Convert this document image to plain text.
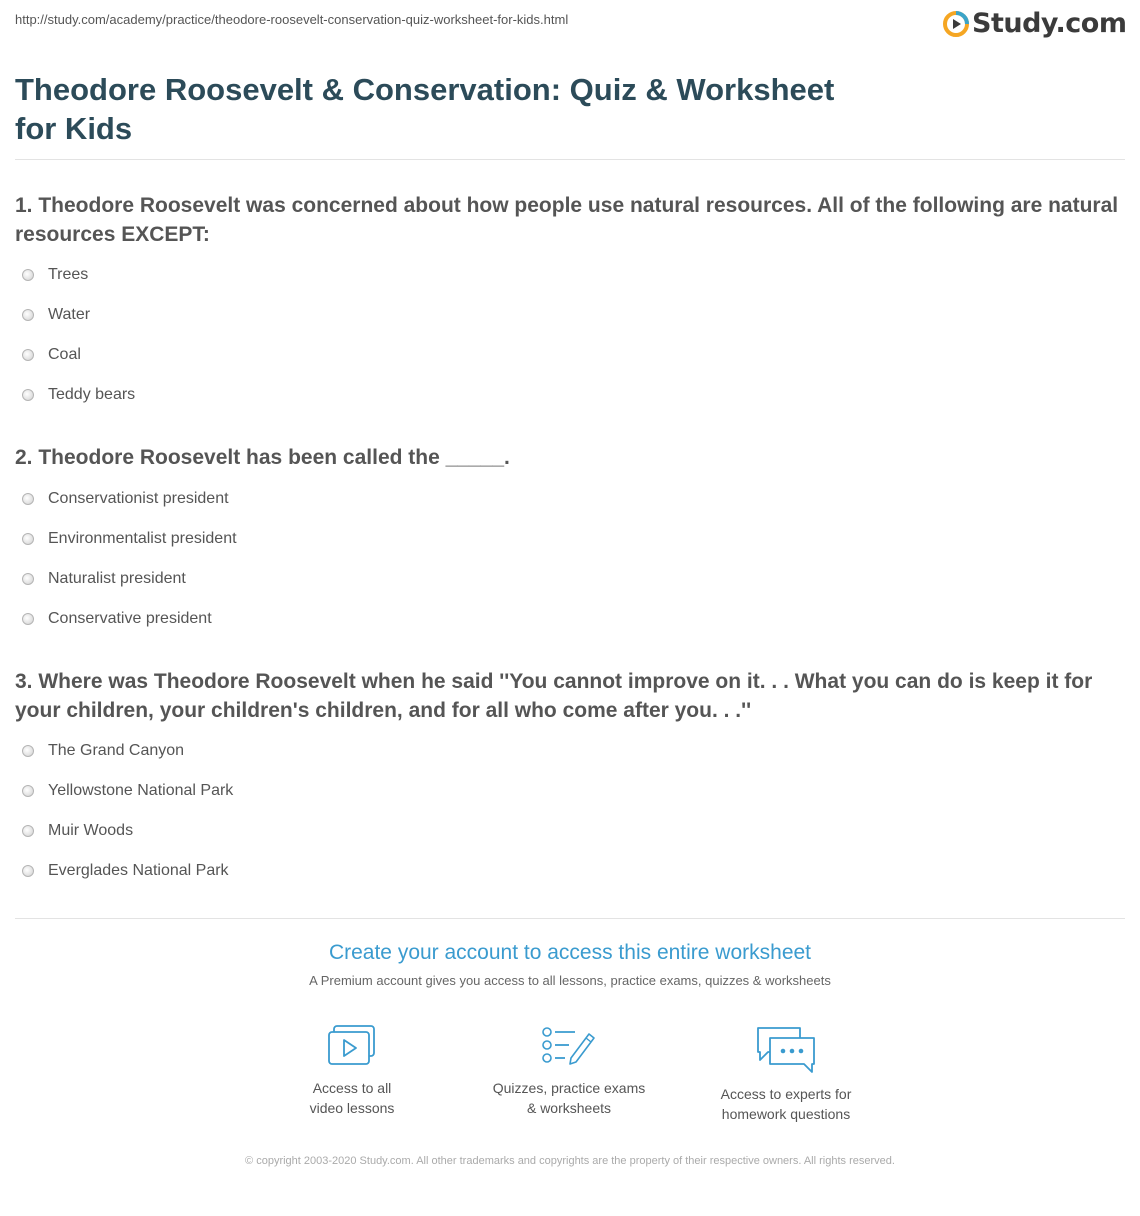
http://study.com/academy/practice/theodore-roosevelt-conservation-quiz-worksheet-for-kids.html	Study.com
Theodore Roosevelt & Conservation: Quiz & Worksheet for Kids

1. Theodore Roosevelt was concerned about how people use natural resources. All of the following are natural resources EXCEPT:

Trees
Water
Coal
Teddy bears

2. Theodore Roosevelt has been called the _____.

Conservationist president
Environmentalist president
Naturalist president
Conservative president

3. Where was Theodore Roosevelt when he said ''You cannot improve on it. . . What you can do is keep it for your children, your children's children, and for all who come after you. . .''

The Grand Canyon
Yellowstone National Park
Muir Woods
Everglades National Park
Create your account to access this entire worksheet
A Premium account gives you access to all lessons, practice exams, quizzes & worksheets
Access to all
video lessons
Quizzes, practice exams
& worksheets
Access to experts for
homework questions
© copyright 2003-2020 Study.com. All other trademarks and copyrights are the property of their respective owners. All rights reserved.
